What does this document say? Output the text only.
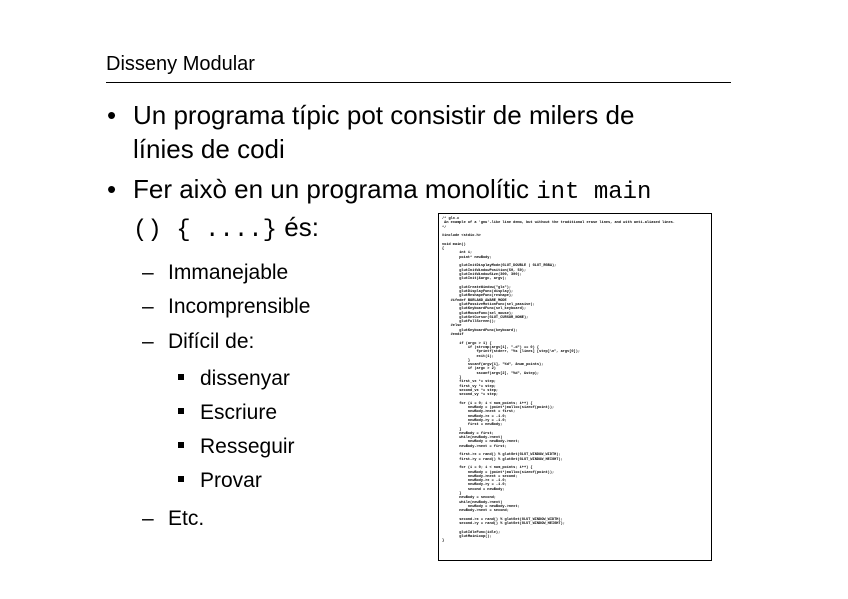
Disseny Modular
• Un programa típic pot consistir de milers de
línies de codi
• Fer això en un programa monolític int main
() { ....} és:
– Immanejable
– Incomprensible
– Difícil de:
dissenyar
Escriure
Resseguir
Provar
– Etc.
/* glx.c
An example of a 'gnu'-like line demo, but without the traditional erase lines, and with anti-aliased lines.
*/

#include <stdio.h>

void main()
{
int i;
point* newBody;

glutInitDisplayMode(GLUT_DOUBLE | GLUT_RGBA);
glutInitWindowPosition(50, 50);
glutInitWindowSize(300, 300);
glutInit(&argc, argv);

glutCreateWindow("glx");
glutDisplayFunc(display);
glutReshapeFunc(reshape);
#ifndef BORLAND_AWARE_MODE
glutPassiveMotionFunc(sel_passive);
glutKeyboardFunc(sel_keyboard);
glutMouseFunc(sel_mouse);
glutSetCursor(GLUT_CURSOR_NONE);
glutFullScreen();
#else
glutKeyboardFunc(keyboard);
#endif

if (argc > 1) {
if (strcmp(argv[1], "-d") == 0) {
fprintf(stderr, "%s [lines] [step]\n", argv[0]);
exit(1);
}
sscanf(argv[1], "%d", &num_points);
if (argc > 2)
sscanf(argv[2], "%d", &step);
}
first_vx *= step;
first_vy *= step;
second_vx *= step;
second_vy *= step;

for (i = 0; i < num_points; i++) {
newBody = (point*)malloc(sizeof(point));
newBody->next = first;
newBody->x = -1.0;
newBody->y = -1.0;
first = newBody;
}
newBody = first;
while(newBody->next)
newBody = newBody->next;
newBody->next = first;

first->x = rand() % glutGet(GLUT_WINDOW_WIDTH);
first->y = rand() % glutGet(GLUT_WINDOW_HEIGHT);

for (i = 0; i < num_points; i++) {
newBody = (point*)malloc(sizeof(point));
newBody->next = second;
newBody->x = -1.0;
newBody->y = -1.0;
second = newBody;
}
newBody = second;
while(newBody->next)
newBody = newBody->next;
newBody->next = second;

second->x = rand() % glutGet(GLUT_WINDOW_WIDTH);
second->y = rand() % glutGet(GLUT_WINDOW_HEIGHT);

glutIdleFunc(idle);
glutMainLoop();
}
